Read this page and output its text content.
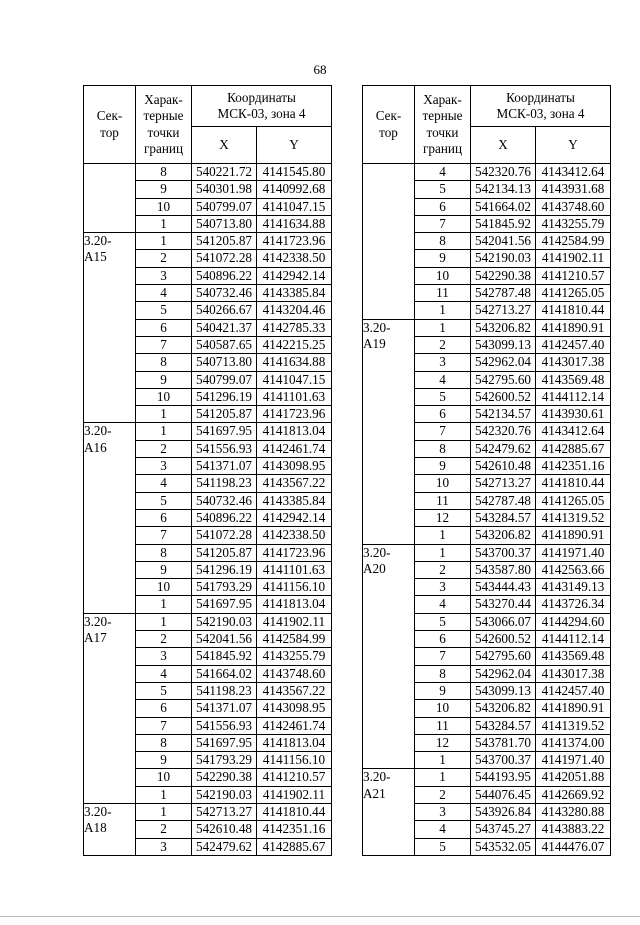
68
Сек-
тор	Харак-
терные
точки
границ	Координаты
МСК-03, зона 4	
		X	Y

	8	540221.72	4141545.80
	9	540301.98	4140992.68
	10	540799.07	4141047.15
	1	540713.80	4141634.88
3.20-
А15	1	541205.87	4141723.96
	2	541072.28	4142338.50
	3	540896.22	4142942.14
	4	540732.46	4143385.84
	5	540266.67	4143204.46
	6	540421.37	4142785.33
	7	540587.65	4142215.25
	8	540713.80	4141634.88
	9	540799.07	4141047.15
	10	541296.19	4141101.63
	1	541205.87	4141723.96
3.20-
А16	1	541697.95	4141813.04
	2	541556.93	4142461.74
	3	541371.07	4143098.95
	4	541198.23	4143567.22
	5	540732.46	4143385.84
	6	540896.22	4142942.14
	7	541072.28	4142338.50
	8	541205.87	4141723.96
	9	541296.19	4141101.63
	10	541793.29	4141156.10
	1	541697.95	4141813.04
3.20-
А17	1	542190.03	4141902.11
	2	542041.56	4142584.99
	3	541845.92	4143255.79
	4	541664.02	4143748.60
	5	541198.23	4143567.22
	6	541371.07	4143098.95
	7	541556.93	4142461.74
	8	541697.95	4141813.04
	9	541793.29	4141156.10
	10	542290.38	4141210.57
	1	542190.03	4141902.11
3.20-
А18	1	542713.27	4141810.44
	2	542610.48	4142351.16
	3	542479.62	4142885.67
Сек-
тор	Харак-
терные
точки
границ	Координаты
МСК-03, зона 4	
		X	Y

	4	542320.76	4143412.64
	5	542134.13	4143931.68
	6	541664.02	4143748.60
	7	541845.92	4143255.79
	8	542041.56	4142584.99
	9	542190.03	4141902.11
	10	542290.38	4141210.57
	11	542787.48	4141265.05
	1	542713.27	4141810.44
3.20-
А19	1	543206.82	4141890.91
	2	543099.13	4142457.40
	3	542962.04	4143017.38
	4	542795.60	4143569.48
	5	542600.52	4144112.14
	6	542134.57	4143930.61
	7	542320.76	4143412.64
	8	542479.62	4142885.67
	9	542610.48	4142351.16
	10	542713.27	4141810.44
	11	542787.48	4141265.05
	12	543284.57	4141319.52
	1	543206.82	4141890.91
3.20-
А20	1	543700.37	4141971.40
	2	543587.80	4142563.66
	3	543444.43	4143149.13
	4	543270.44	4143726.34
	5	543066.07	4144294.60
	6	542600.52	4144112.14
	7	542795.60	4143569.48
	8	542962.04	4143017.38
	9	543099.13	4142457.40
	10	543206.82	4141890.91
	11	543284.57	4141319.52
	12	543781.70	4141374.00
	1	543700.37	4141971.40
3.20-
А21	1	544193.95	4142051.88
	2	544076.45	4142669.92
	3	543926.84	4143280.88
	4	543745.27	4143883.22
	5	543532.05	4144476.07
